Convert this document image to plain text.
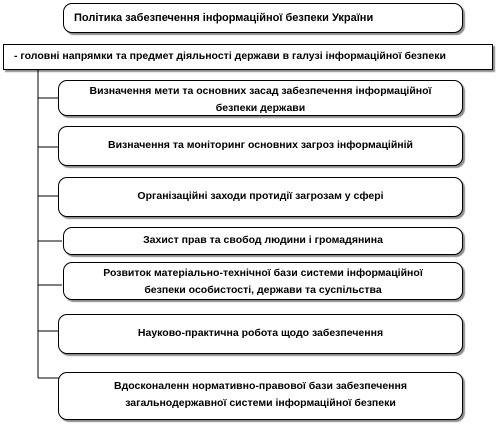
Політика забезпечення інформаційної безпеки України
- головні напрямки та предмет діяльності держави в галузі інформаційної безпеки
Визначення мети та основних засад забезпечення інформаційної
безпеки держави
Визначення та моніторинг основних загроз інформаційній
Організаційні заходи протидії загрозам у сфері
Захист прав та свобод людини і громадянина
Розвиток матеріально-технічної бази системи інформаційної
безпеки особистості, держави та суспільства
Науково-практична робота щодо забезпечення
Вдосконаленн нормативно-правової бази забезпечення
загальнодержавної системи інформаційної безпеки
